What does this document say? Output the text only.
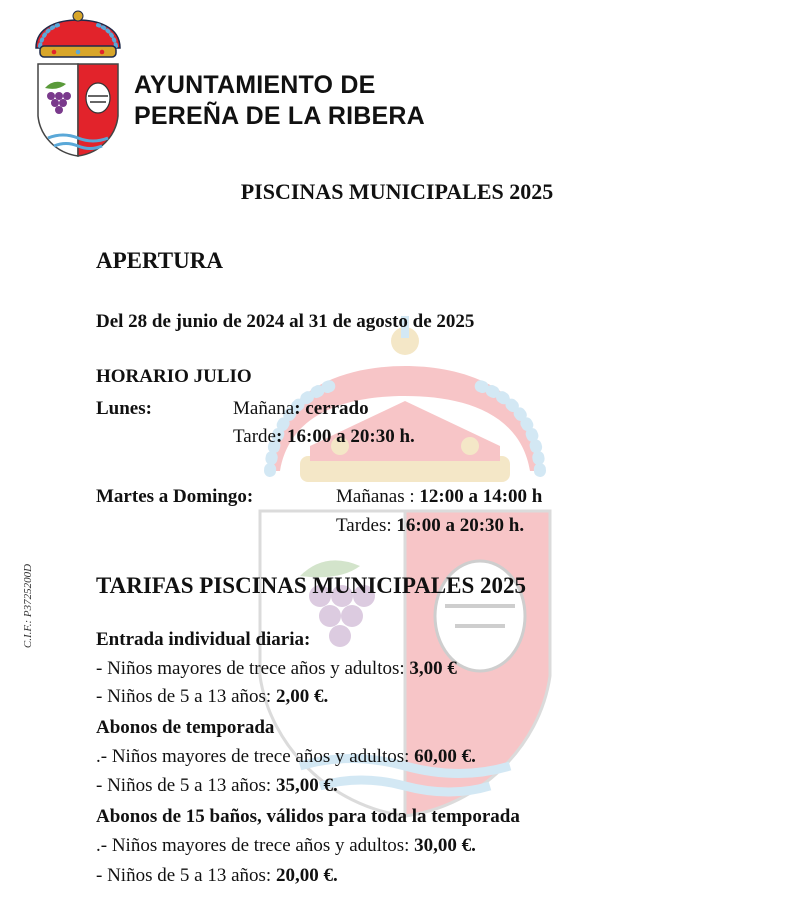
AYUNTAMIENTO DE
PEREÑA DE LA RIBERA
PISCINAS MUNICIPALES 2025
APERTURA
Del 28 de junio de 2024 al 31 de agosto de 2025
HORARIO JULIO
Lunes:	Mañana: cerrado
Tarde: 16:00 a 20:30 h.
Martes a Domingo:	Mañanas : 12:00 a 14:00 h
Tardes: 16:00 a 20:30 h.
TARIFAS PISCINAS MUNICIPALES 2025
Entrada individual diaria:
- Niños mayores de trece años y adultos: 3,00 €
- Niños de 5 a 13 años: 2,00 €.
Abonos de temporada
.- Niños mayores de trece años y adultos: 60,00 €.
- Niños de 5 a 13 años: 35,00 €.
Abonos de 15 baños, válidos para toda la temporada
.- Niños mayores de trece años y adultos: 30,00 €.
- Niños de 5 a 13 años: 20,00 €.
C.I.F.: P3725200D
